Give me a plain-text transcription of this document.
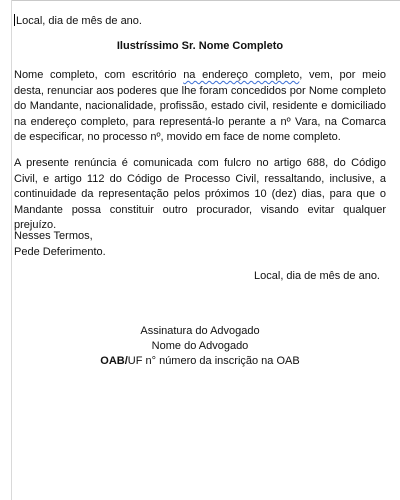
Local, dia de mês de ano.
Ilustríssimo Sr. Nome Completo

Nome completo, com escritório na endereço completo, vem, por meio desta, renunciar aos poderes que lhe foram concedidos por Nome completo do Mandante, nacionalidade, profissão, estado civil, residente e domiciliado na endereço completo, para representá-lo perante a nº Vara, na Comarca de especificar, no processo nº, movido em face de nome completo.

A presente renúncia é comunicada com fulcro no artigo 688, do Código Civil, e artigo 112 do Código de Processo Civil, ressaltando, inclusive, a continuidade da representação pelos próximos 10 (dez) dias, para que o Mandante possa constituir outro procurador, visando evitar qualquer prejuízo.

Nesses Termos,
Pede Deferimento.
Local, dia de mês de ano.
Assinatura do Advogado
Nome do Advogado
OAB/UF n° número da inscrição na OAB
